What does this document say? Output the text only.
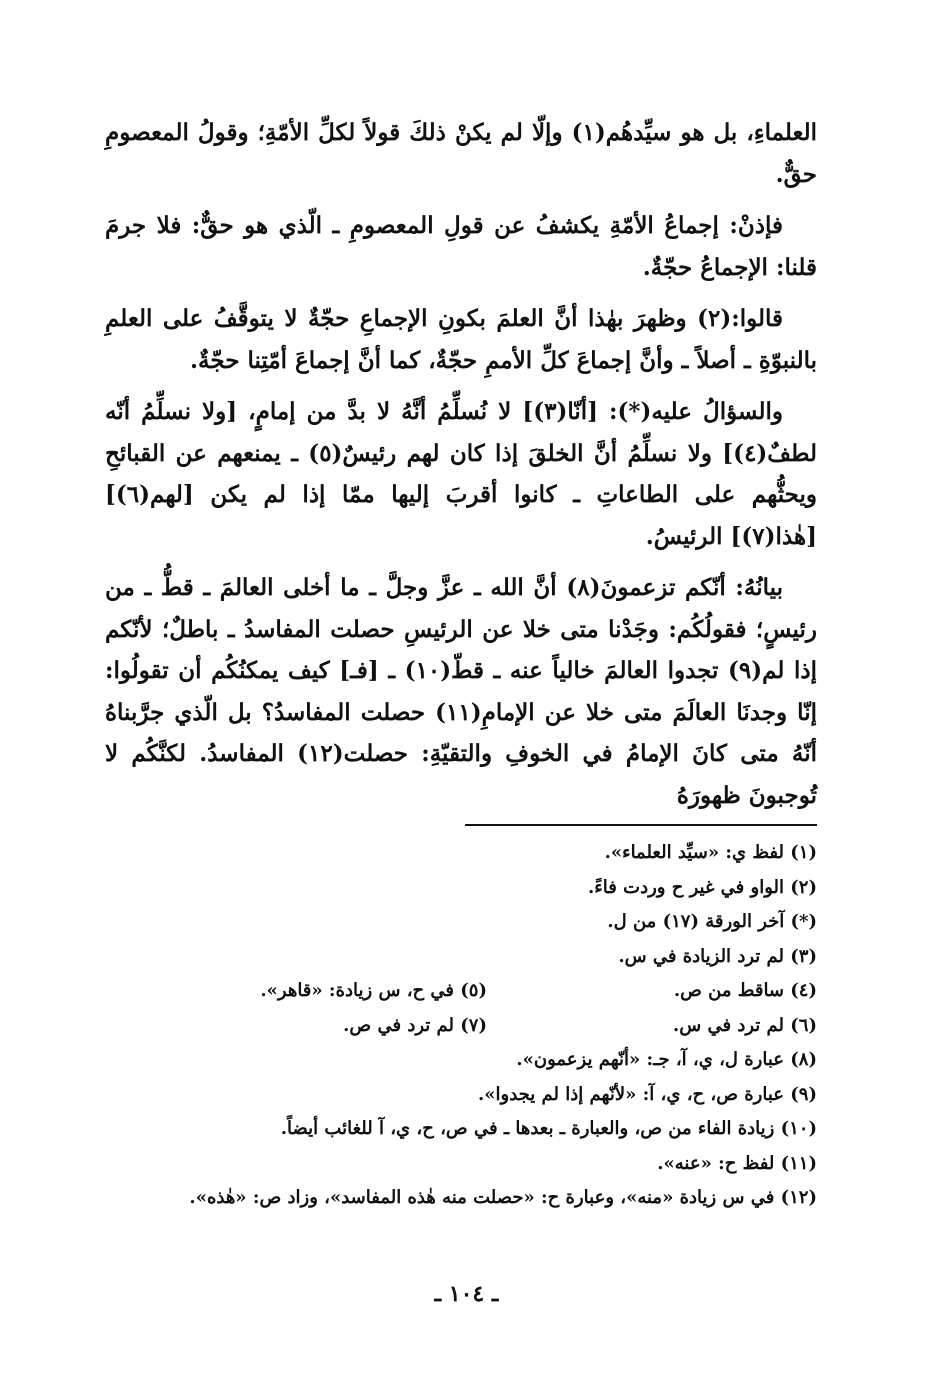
العلماءِ، بل هو سيِّدهُم(١) وإلّا لم يكنْ ذلكَ قولاً لكلِّ الأمّةِ؛ وقولُ المعصومِ حقٌّ.

فإذنْ: إجماعُ الأمّةِ يكشفُ عن قولِ المعصومِ ـ الّذي هو حقٌّ: فلا جرمَ قلنا: الإجماعُ حجّةٌ.

قالوا:(٢) وظهرَ بهٰذا أنَّ العلمَ بكونِ الإجماعِ حجّةٌ لا يتوقَّفُ على العلمِ بالنبوّةِ ـ أصلاً ـ وأنَّ إجماعَ كلِّ الأممِ حجّةٌ، كما أنَّ إجماعَ أمّتِنا حجّةٌ.

والسؤالُ عليه(*): [أنّا(٣)] لا نُسلِّمُ أنَّهُ لا بدَّ من إمامٍ، [ولا نسلِّمُ أنّه لطفٌ(٤)] ولا نسلِّمُ أنَّ الخلقَ إذا كان لهم رئيسٌ(٥) ـ يمنعهم عن القبائحِ ويحثُّهم على الطاعاتِ ـ كانوا أقربَ إليها ممّا إذا لم يكن [لهم(٦)] [هٰذا(٧)] الرئيسُ.

بيانُهُ: أنّكم تزعمونَ(٨) أنَّ الله ـ عزَّ وجلَّ ـ ما أخلى العالمَ ـ قطُّ ـ من رئيسٍ؛ فقولُكُم: وجَدْنا متى خلا عن الرئيسِ حصلت المفاسدُ ـ باطلٌ؛ لأنّكم إذا لم(٩) تجدوا العالمَ خالياً عنه ـ قطّ(١٠) ـ [فـ] كيف يمكنُكُم أن تقولُوا: إنّا وجدنَا العالَمَ متى خلا عن الإمامِ(١١) حصلت المفاسدُ؟ بل الّذي جرَّبناهُ أنّهُ متى كانَ الإمامُ في الخوفِ والتقيّةِ: حصلت(١٢) المفاسدُ. لكنَّكُم لا تُوجبونَ ظهورَهُ

(١) لفظ ي: «سيِّد العلماء».
(٢) الواو في غير ح وردت فاءً.
(*) آخر الورقة (١٧) من ل.
(٣) لم ترد الزيادة في س.
(٤) ساقط من ص.
(٥) في ح، س زيادة: «قاهر».
(٦) لم ترد في س.
(٧) لم ترد في ص.
(٨) عبارة ل، ي، آ، جـ: «أنّهم يزعمون».
(٩) عبارة ص، ح، ي، آ: «لأنّهم إذا لم يجدوا».
(١٠) زيادة الفاء من ص، والعبارة ـ بعدها ـ في ص، ح، ي، آ للغائب أيضاً.
(١١) لفظ ح: «عنه».
(١٢) في س زيادة «منه»، وعبارة ح: «حصلت منه هٰذه المفاسد»، وزاد ص: «هٰذه».
ـ ١٠٤ ـ
